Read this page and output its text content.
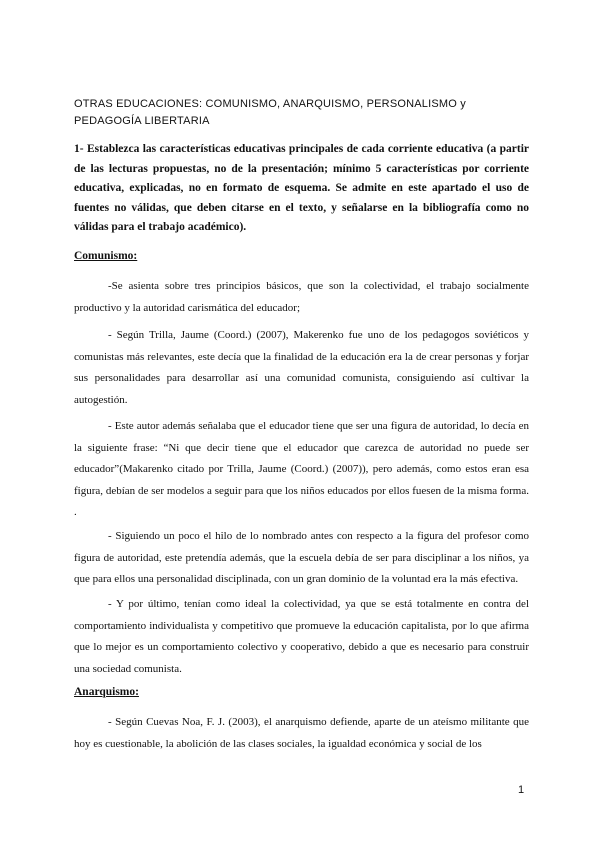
OTRAS EDUCACIONES: COMUNISMO, ANARQUISMO, PERSONALISMO y PEDAGOGÍA LIBERTARIA
1- Establezca las características educativas principales de cada corriente educativa (a partir de las lecturas propuestas, no de la presentación; mínimo 5 características por corriente educativa, explicadas, no en formato de esquema. Se admite en este apartado el uso de fuentes no válidas, que deben citarse en el texto, y señalarse en la bibliografía como no válidas para el trabajo académico).
Comunismo:
-Se asienta sobre tres principios básicos, que son la colectividad, el trabajo socialmente productivo y la autoridad carismática del educador;
- Según Trilla, Jaume (Coord.) (2007), Makerenko fue uno de los pedagogos soviéticos y comunistas más relevantes, este decía que la finalidad de la educación era la de crear personas y forjar sus personalidades para desarrollar así una comunidad comunista, consiguiendo así cultivar la autogestión.
- Este autor además señalaba que el educador tiene que ser una figura de autoridad, lo decía en la siguiente frase: “Ni que decir tiene que el educador que carezca de autoridad no puede ser educador”(Makarenko citado por Trilla, Jaume (Coord.) (2007)), pero además, como estos eran esa figura, debían de ser modelos a seguir para que los niños educados por ellos fuesen de la misma forma. .
- Siguiendo un poco el hilo de lo nombrado antes con respecto a la figura del profesor como figura de autoridad, este pretendía además, que la escuela debía de ser para disciplinar a los niños, ya que para ellos una personalidad disciplinada, con un gran dominio de la voluntad era la más efectiva.
- Y por último, tenían como ideal la colectividad, ya que se está totalmente en contra del comportamiento individualista y competitivo que promueve la educación capitalista, por lo que afirma que lo mejor es un comportamiento colectivo y cooperativo, debido a que es necesario para construir una sociedad comunista.
Anarquismo:
- Según Cuevas Noa, F. J. (2003), el anarquismo defiende, aparte de un ateísmo militante que hoy es cuestionable, la abolición de las clases sociales, la igualdad económica y social de los
1
